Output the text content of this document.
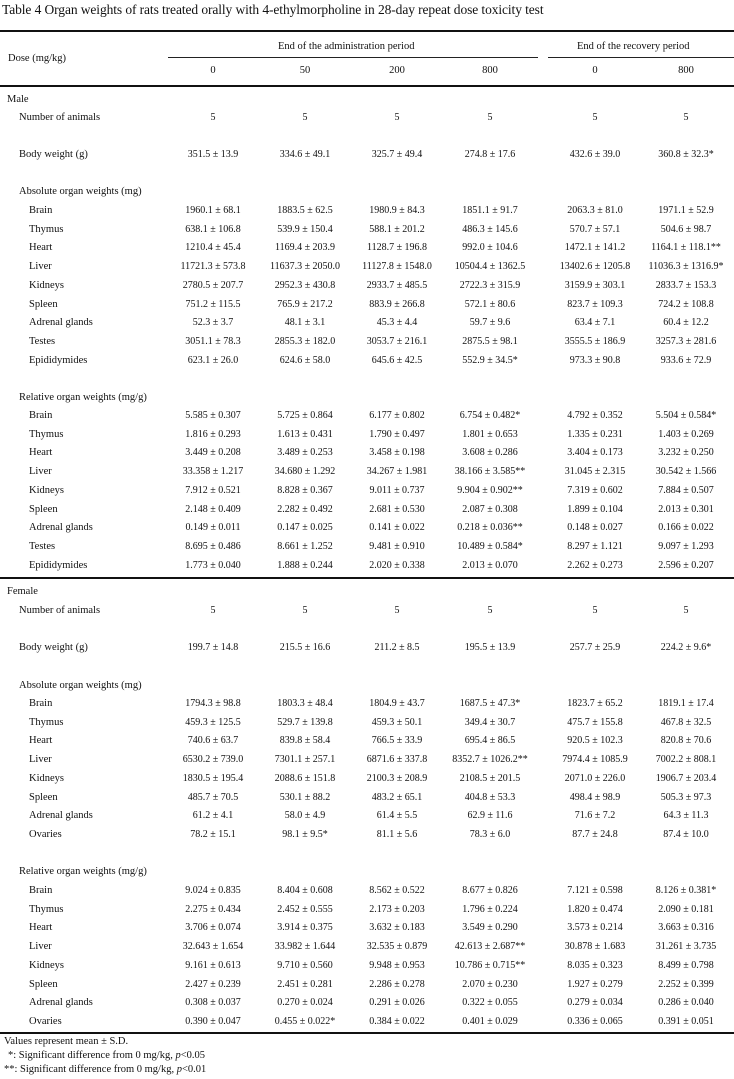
Table 4 Organ weights of rats treated orally with 4-ethylmorpholine in 28-day repeat dose toxicity test
Dose (mg/kg)
End of the administration period	End of the recovery period
0	50	200	800	0	800
Male
Number of animals	5	5	5	5	5	5
Body weight (g)	351.5 ± 13.9	334.6 ± 49.1	325.7 ± 49.4	274.8 ± 17.6	432.6 ± 39.0	360.8 ± 32.3*
Absolute organ weights (mg)
Brain	1960.1 ± 68.1	1883.5 ± 62.5	1980.9 ± 84.3	1851.1 ± 91.7	2063.3 ± 81.0	1971.1 ± 52.9
Thymus	638.1 ± 106.8	539.9 ± 150.4	588.1 ± 201.2	486.3 ± 145.6	570.7 ± 57.1	504.6 ± 98.7
Heart	1210.4 ± 45.4	1169.4 ± 203.9	1128.7 ± 196.8	992.0 ± 104.6	1472.1 ± 141.2	1164.1 ± 118.1**
Liver	11721.3 ± 573.8	11637.3 ± 2050.0	11127.8 ± 1548.0	10504.4 ± 1362.5	13402.6 ± 1205.8	11036.3 ± 1316.9*
Kidneys	2780.5 ± 207.7	2952.3 ± 430.8	2933.7 ± 485.5	2722.3 ± 315.9	3159.9 ± 303.1	2833.7 ± 153.3
Spleen	751.2 ± 115.5	765.9 ± 217.2	883.9 ± 266.8	572.1 ± 80.6	823.7 ± 109.3	724.2 ± 108.8
Adrenal glands	52.3 ± 3.7	48.1 ± 3.1	45.3 ± 4.4	59.7 ± 9.6	63.4 ± 7.1	60.4 ± 12.2
Testes	3051.1 ± 78.3	2855.3 ± 182.0	3053.7 ± 216.1	2875.5 ± 98.1	3555.5 ± 186.9	3257.3 ± 281.6
Epididymides	623.1 ± 26.0	624.6 ± 58.0	645.6 ± 42.5	552.9 ± 34.5*	973.3 ± 90.8	933.6 ± 72.9
Relative organ weights (mg/g)
Brain	5.585 ± 0.307	5.725 ± 0.864	6.177 ± 0.802	6.754 ± 0.482*	4.792 ± 0.352	5.504 ± 0.584*
Thymus	1.816 ± 0.293	1.613 ± 0.431	1.790 ± 0.497	1.801 ± 0.653	1.335 ± 0.231	1.403 ± 0.269
Heart	3.449 ± 0.208	3.489 ± 0.253	3.458 ± 0.198	3.608 ± 0.286	3.404 ± 0.173	3.232 ± 0.250
Liver	33.358 ± 1.217	34.680 ± 1.292	34.267 ± 1.981	38.166 ± 3.585**	31.045 ± 2.315	30.542 ± 1.566
Kidneys	7.912 ± 0.521	8.828 ± 0.367	9.011 ± 0.737	9.904 ± 0.902**	7.319 ± 0.602	7.884 ± 0.507
Spleen	2.148 ± 0.409	2.282 ± 0.492	2.681 ± 0.530	2.087 ± 0.308	1.899 ± 0.104	2.013 ± 0.301
Adrenal glands	0.149 ± 0.011	0.147 ± 0.025	0.141 ± 0.022	0.218 ± 0.036**	0.148 ± 0.027	0.166 ± 0.022
Testes	8.695 ± 0.486	8.661 ± 1.252	9.481 ± 0.910	10.489 ± 0.584*	8.297 ± 1.121	9.097 ± 1.293
Epididymides	1.773 ± 0.040	1.888 ± 0.244	2.020 ± 0.338	2.013 ± 0.070	2.262 ± 0.273	2.596 ± 0.207
Female
Number of animals	5	5	5	5	5	5
Body weight (g)	199.7 ± 14.8	215.5 ± 16.6	211.2 ± 8.5	195.5 ± 13.9	257.7 ± 25.9	224.2 ± 9.6*
Absolute organ weights (mg)
Brain	1794.3 ± 98.8	1803.3 ± 48.4	1804.9 ± 43.7	1687.5 ± 47.3*	1823.7 ± 65.2	1819.1 ± 17.4
Thymus	459.3 ± 125.5	529.7 ± 139.8	459.3 ± 50.1	349.4 ± 30.7	475.7 ± 155.8	467.8 ± 32.5
Heart	740.6 ± 63.7	839.8 ± 58.4	766.5 ± 33.9	695.4 ± 86.5	920.5 ± 102.3	820.8 ± 70.6
Liver	6530.2 ± 739.0	7301.1 ± 257.1	6871.6 ± 337.8	8352.7 ± 1026.2**	7974.4 ± 1085.9	7002.2 ± 808.1
Kidneys	1830.5 ± 195.4	2088.6 ± 151.8	2100.3 ± 208.9	2108.5 ± 201.5	2071.0 ± 226.0	1906.7 ± 203.4
Spleen	485.7 ± 70.5	530.1 ± 88.2	483.2 ± 65.1	404.8 ± 53.3	498.4 ± 98.9	505.3 ± 97.3
Adrenal glands	61.2 ± 4.1	58.0 ± 4.9	61.4 ± 5.5	62.9 ± 11.6	71.6 ± 7.2	64.3 ± 11.3
Ovaries	78.2 ± 15.1	98.1 ± 9.5*	81.1 ± 5.6	78.3 ± 6.0	87.7 ± 24.8	87.4 ± 10.0
Relative organ weights (mg/g)
Brain	9.024 ± 0.835	8.404 ± 0.608	8.562 ± 0.522	8.677 ± 0.826	7.121 ± 0.598	8.126 ± 0.381*
Thymus	2.275 ± 0.434	2.452 ± 0.555	2.173 ± 0.203	1.796 ± 0.224	1.820 ± 0.474	2.090 ± 0.181
Heart	3.706 ± 0.074	3.914 ± 0.375	3.632 ± 0.183	3.549 ± 0.290	3.573 ± 0.214	3.663 ± 0.316
Liver	32.643 ± 1.654	33.982 ± 1.644	32.535 ± 0.879	42.613 ± 2.687**	30.878 ± 1.683	31.261 ± 3.735
Kidneys	9.161 ± 0.613	9.710 ± 0.560	9.948 ± 0.953	10.786 ± 0.715**	8.035 ± 0.323	8.499 ± 0.798
Spleen	2.427 ± 0.239	2.451 ± 0.281	2.286 ± 0.278	2.070 ± 0.230	1.927 ± 0.279	2.252 ± 0.399
Adrenal glands	0.308 ± 0.037	0.270 ± 0.024	0.291 ± 0.026	0.322 ± 0.055	0.279 ± 0.034	0.286 ± 0.040
Ovaries	0.390 ± 0.047	0.455 ± 0.022*	0.384 ± 0.022	0.401 ± 0.029	0.336 ± 0.065	0.391 ± 0.051
Values represent mean ± S.D.
*: Significant difference from 0 mg/kg, p<0.05
**: Significant difference from 0 mg/kg, p<0.01
